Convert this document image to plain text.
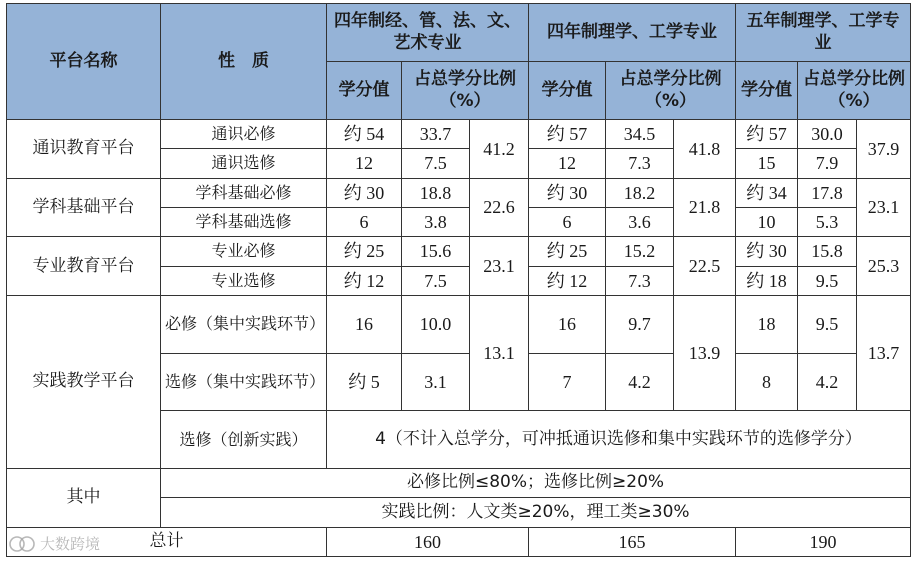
平台名称	性　质	四年制经、管、法、文、艺术专业			四年制理学、工学专业			五年制理学、工学专业		
		学分值	占总学分比例（%）		学分值	占总学分比例（%）		学分值	占总学分比例（%）	
通识教育平台	通识必修	约 54	33.7	41.2	约 57	34.5	41.8	约 57	30.0	37.9
	通识选修	12	7.5		12	7.3		15	7.9	
学科基础平台	学科基础必修	约 30	18.8	22.6	约 30	18.2	21.8	约 34	17.8	23.1
	学科基础选修	6	3.8		6	3.6		10	5.3	
专业教育平台	专业必修	约 25	15.6	23.1	约 25	15.2	22.5	约 30	15.8	25.3
	专业选修	约 12	7.5		约 12	7.3		约 18	9.5	
实践教学平台	必修（集中实践环节）	16	10.0	13.1	16	9.7	13.9	18	9.5	13.7
	选修（集中实践环节）	约 5	3.1		7	4.2		8	4.2	
	选修（创新实践）	4（不计入总学分，可冲抵通识选修和集中实践环节的选修学分）								
其中	必修比例≤80%；选修比例≥20%									
	实践比例：人文类≥20%，理工类≥30%									
总计		160			165			190		
大数跨境
